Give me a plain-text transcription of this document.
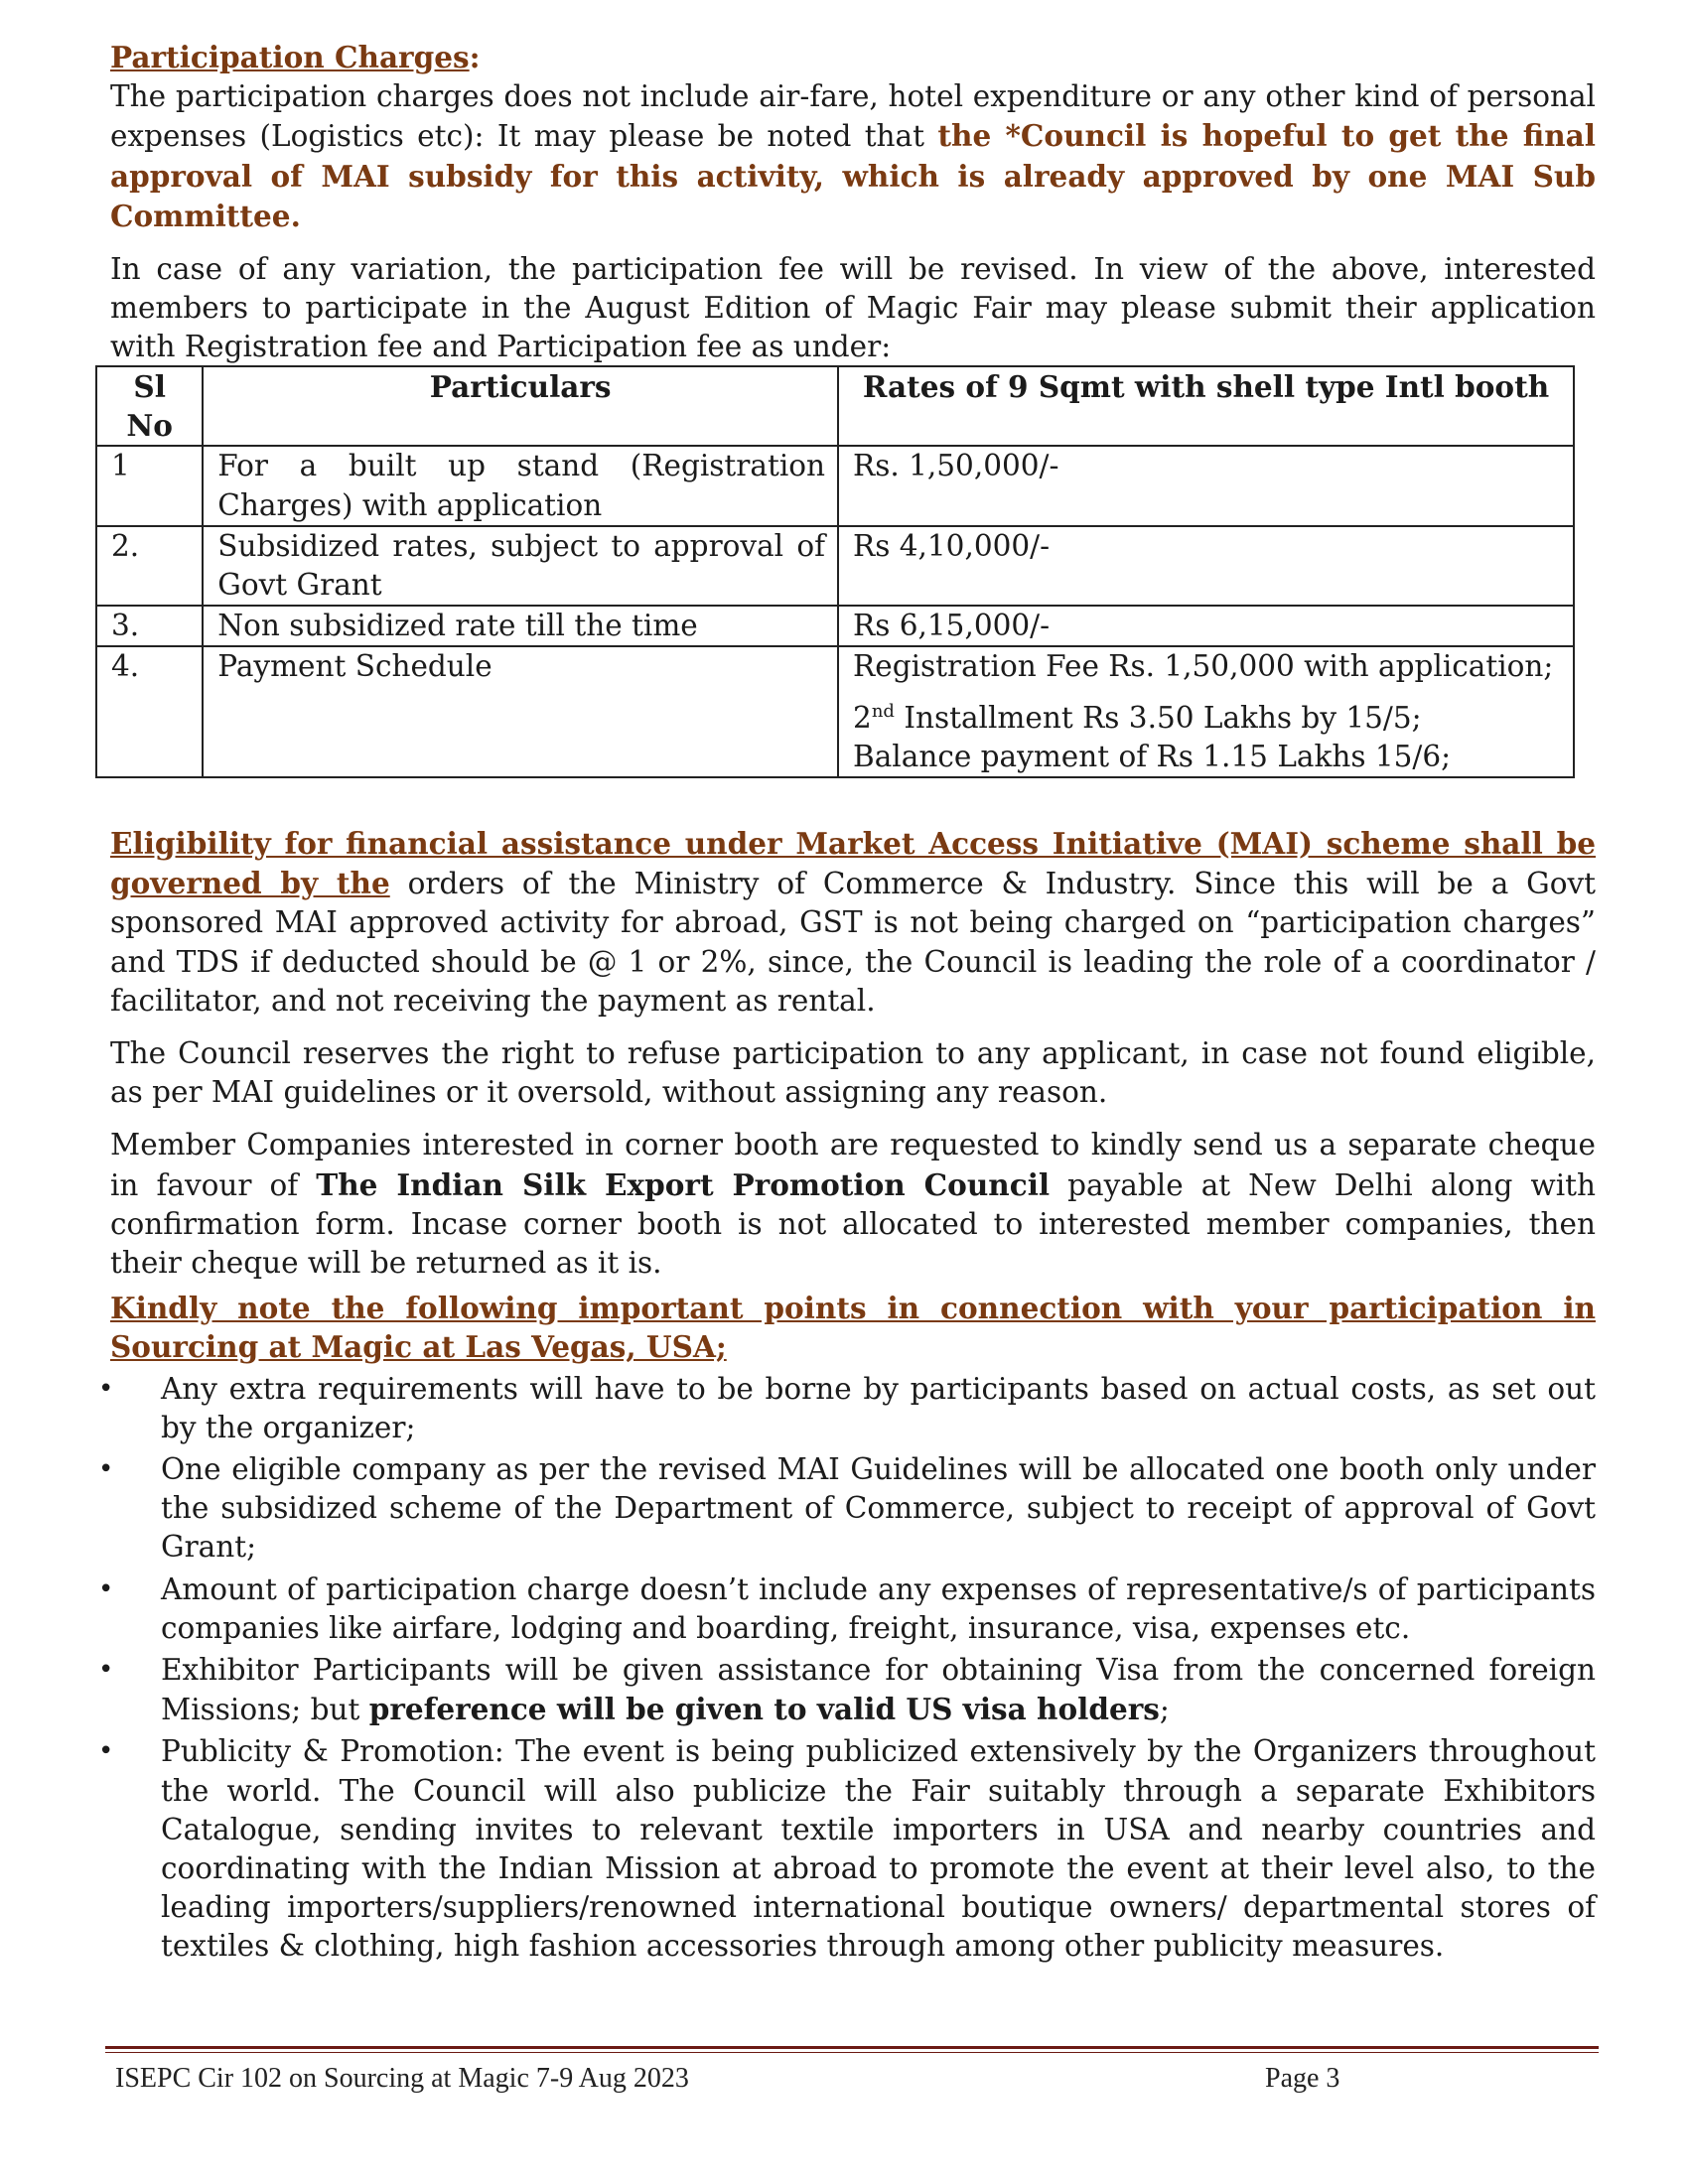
Participation Charges:

The participation charges does not include air-fare, hotel expenditure or any other kind of personal expenses (Logistics etc): It may please be noted that the *Council is hopeful to get the final approval of MAI subsidy for this activity, which is already approved by one MAI Sub Committee.

In case of any variation, the participation fee will be revised. In view of the above, interested members to participate in the August Edition of Magic Fair may please submit their application with Registration fee and Participation fee as under:

Sl No	Particulars	Rates of 9 Sqmt with shell type Intl booth
1	For a built up stand (Registration Charges) with application	Rs. 1,50,000/-
2.	Subsidized rates, subject to approval of Govt Grant	Rs 4,10,000/-
3.	Non subsidized rate till the time	Rs 6,15,000/-
4.	Payment Schedule	Registration Fee Rs. 1,50,000 with application;
2nd Installment Rs 3.50 Lakhs by 15/5;
Balance payment of Rs 1.15 Lakhs 15/6;

Eligibility for financial assistance under Market Access Initiative (MAI) scheme shall be governed by the orders of the Ministry of Commerce & Industry. Since this will be a Govt sponsored MAI approved activity for abroad, GST is not being charged on “participation charges” and TDS if deducted should be @ 1 or 2%, since, the Council is leading the role of a coordinator / facilitator, and not receiving the payment as rental.

The Council reserves the right to refuse participation to any applicant, in case not found eligible, as per MAI guidelines or it oversold, without assigning any reason.

Member Companies interested in corner booth are requested to kindly send us a separate cheque in favour of The Indian Silk Export Promotion Council payable at New Delhi along with confirmation form. Incase corner booth is not allocated to interested member companies, then their cheque will be returned as it is.

Kindly note the following important points in connection with your participation in Sourcing at Magic at Las Vegas, USA;

• Any extra requirements will have to be borne by participants based on actual costs, as set out by the organizer;
• One eligible company as per the revised MAI Guidelines will be allocated one booth only under the subsidized scheme of the Department of Commerce, subject to receipt of approval of Govt Grant;
• Amount of participation charge doesn’t include any expenses of representative/s of participants companies like airfare, lodging and boarding, freight, insurance, visa, expenses etc.
• Exhibitor Participants will be given assistance for obtaining Visa from the concerned foreign Missions; but preference will be given to valid US visa holders;
• Publicity & Promotion: The event is being publicized extensively by the Organizers throughout the world. The Council will also publicize the Fair suitably through a separate Exhibitors Catalogue, sending invites to relevant textile importers in USA and nearby countries and coordinating with the Indian Mission at abroad to promote the event at their level also, to the leading importers/suppliers/renowned international boutique owners/ departmental stores of textiles & clothing, high fashion accessories through among other publicity measures.
ISEPC Cir 102 on Sourcing at Magic 7-9 Aug 2023	Page 3
